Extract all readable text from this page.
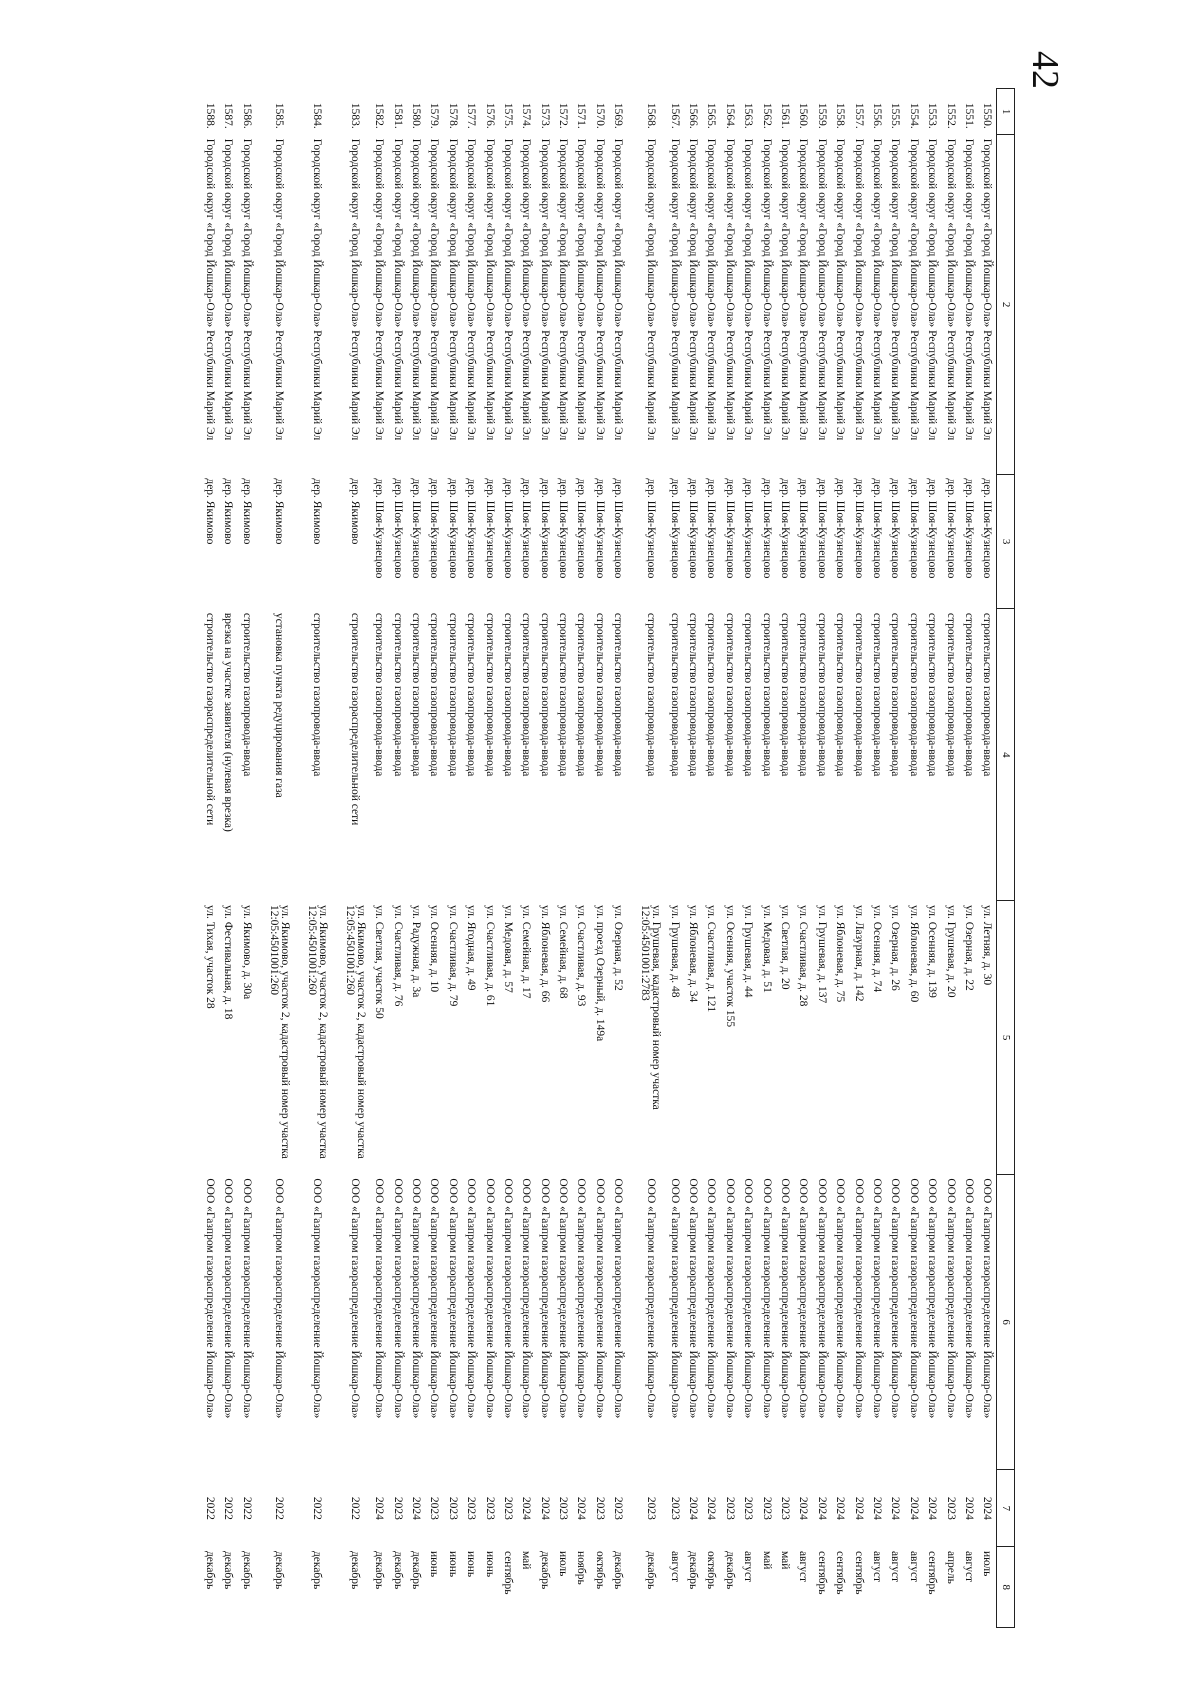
42
1	2	3	4	5	6	7	8
1550.	Городской округ «Город Йошкар-Ола» Республики Марий Эл	дер. Шоя-Кузнецово	строительство газопровода-ввода	ул. Летняя, д. 30	ООО «Газпром газораспределение Йошкар-Ола»	2024	июль
1551.	Городской округ «Город Йошкар-Ола» Республики Марий Эл	дер. Шоя-Кузнецово	строительство газопровода-ввода	ул. Озерная, д. 22	ООО «Газпром газораспределение Йошкар-Ола»	2024	август
1552.	Городской округ «Город Йошкар-Ола» Республики Марий Эл	дер. Шоя-Кузнецово	строительство газопровода-ввода	ул. Грушевая, д. 20	ООО «Газпром газораспределение Йошкар-Ола»	2023	апрель
1553.	Городской округ «Город Йошкар-Ола» Республики Марий Эл	дер. Шоя-Кузнецово	строительство газопровода-ввода	ул. Осенняя, д. 139	ООО «Газпром газораспределение Йошкар-Ола»	2024	сентябрь
1554.	Городской округ «Город Йошкар-Ола» Республики Марий Эл	дер. Шоя-Кузнецово	строительство газопровода-ввода	ул. Яблоневая, д. 60	ООО «Газпром газораспределение Йошкар-Ола»	2024	август
1555.	Городской округ «Город Йошкар-Ола» Республики Марий Эл	дер. Шоя-Кузнецово	строительство газопровода-ввода	ул. Озерная, д. 26	ООО «Газпром газораспределение Йошкар-Ола»	2024	август
1556.	Городской округ «Город Йошкар-Ола» Республики Марий Эл	дер. Шоя-Кузнецово	строительство газопровода-ввода	ул. Осенняя, д. 74	ООО «Газпром газораспределение Йошкар-Ола»	2024	август
1557.	Городской округ «Город Йошкар-Ола» Республики Марий Эл	дер. Шоя-Кузнецово	строительство газопровода-ввода	ул. Лазурная, д. 142	ООО «Газпром газораспределение Йошкар-Ола»	2024	сентябрь
1558.	Городской округ «Город Йошкар-Ола» Республики Марий Эл	дер. Шоя-Кузнецово	строительство газопровода-ввода	ул. Яблоневая, д. 75	ООО «Газпром газораспределение Йошкар-Ола»	2024	сентябрь
1559.	Городской округ «Город Йошкар-Ола» Республики Марий Эл	дер. Шоя-Кузнецово	строительство газопровода-ввода	ул. Грушевая, д. 137	ООО «Газпром газораспределение Йошкар-Ола»	2024	сентябрь
1560.	Городской округ «Город Йошкар-Ола» Республики Марий Эл	дер. Шоя-Кузнецово	строительство газопровода-ввода	ул. Счастливая, д. 28	ООО «Газпром газораспределение Йошкар-Ола»	2024	август
1561.	Городской округ «Город Йошкар-Ола» Республики Марий Эл	дер. Шоя-Кузнецово	строительство газопровода-ввода	ул. Светлая, д. 20	ООО «Газпром газораспределение Йошкар-Ола»	2023	май
1562.	Городской округ «Город Йошкар-Ола» Республики Марий Эл	дер. Шоя-Кузнецово	строительство газопровода-ввода	ул. Медовая, д. 51	ООО «Газпром газораспределение Йошкар-Ола»	2023	май
1563.	Городской округ «Город Йошкар-Ола» Республики Марий Эл	дер. Шоя-Кузнецово	строительство газопровода-ввода	ул. Грушевая, д. 44	ООО «Газпром газораспределение Йошкар-Ола»	2023	август
1564.	Городской округ «Город Йошкар-Ола» Республики Марий Эл	дер. Шоя-Кузнецово	строительство газопровода-ввода	ул. Осенняя, участок 155	ООО «Газпром газораспределение Йошкар-Ола»	2023	декабрь
1565.	Городской округ «Город Йошкар-Ола» Республики Марий Эл	дер. Шоя-Кузнецово	строительство газопровода-ввода	ул. Счастливая, д. 121	ООО «Газпром газораспределение Йошкар-Ола»	2024	октябрь
1566.	Городской округ «Город Йошкар-Ола» Республики Марий Эл	дер. Шоя-Кузнецово	строительство газопровода-ввода	ул. Яблоневая, д. 34	ООО «Газпром газораспределение Йошкар-Ола»	2024	декабрь
1567.	Городской округ «Город Йошкар-Ола» Республики Марий Эл	дер. Шоя-Кузнецово	строительство газопровода-ввода	ул. Грушевая, д. 48	ООО «Газпром газораспределение Йошкар-Ола»	2023	август
1568.	Городской округ «Город Йошкар-Ола» Республики Марий Эл	дер. Шоя-Кузнецово	строительство газопровода-ввода	ул. Грушевая, кадастровый номер участка 12:05:4501001:2783	ООО «Газпром газораспределение Йошкар-Ола»	2023	декабрь

1569.	Городской округ «Город Йошкар-Ола» Республики Марий Эл	дер. Шоя-Кузнецово	строительство газопровода-ввода	ул. Озерная, д. 52	ООО «Газпром газораспределение Йошкар-Ола»	2023	декабрь
1570.	Городской округ «Город Йошкар-Ола» Республики Марий Эл	дер. Шоя-Кузнецово	строительство газопровода-ввода	ул. проезд Озерный, д. 149а	ООО «Газпром газораспределение Йошкар-Ола»	2023	октябрь
1571.	Городской округ «Город Йошкар-Ола» Республики Марий Эл	дер. Шоя-Кузнецово	строительство газопровода-ввода	ул. Счастливая, д. 93	ООО «Газпром газораспределение Йошкар-Ола»	2024	ноябрь
1572.	Городской округ «Город Йошкар-Ола» Республики Марий Эл	дер. Шоя-Кузнецово	строительство газопровода-ввода	ул. Семейная, д. 68	ООО «Газпром газораспределение Йошкар-Ола»	2023	июль
1573.	Городской округ «Город Йошкар-Ола» Республики Марий Эл	дер. Шоя-Кузнецово	строительство газопровода-ввода	ул. Яблоневая, д. 66	ООО «Газпром газораспределение Йошкар-Ола»	2024	декабрь
1574.	Городской округ «Город Йошкар-Ола» Республики Марий Эл	дер. Шоя-Кузнецово	строительство газопровода-ввода	ул. Семейная, д. 17	ООО «Газпром газораспределение Йошкар-Ола»	2024	май
1575.	Городской округ «Город Йошкар-Ола» Республики Марий Эл	дер. Шоя-Кузнецово	строительство газопровода-ввода	ул. Медовая, д. 57	ООО «Газпром газораспределение Йошкар-Ола»	2023	сентябрь
1576.	Городской округ «Город Йошкар-Ола» Республики Марий Эл	дер. Шоя-Кузнецово	строительство газопровода-ввода	ул. Счастливая, д. 61	ООО «Газпром газораспределение Йошкар-Ола»	2023	июнь
1577.	Городской округ «Город Йошкар-Ола» Республики Марий Эл	дер. Шоя-Кузнецово	строительство газопровода-ввода	ул. Ягодная, д. 49	ООО «Газпром газораспределение Йошкар-Ола»	2023	июнь
1578.	Городской округ «Город Йошкар-Ола» Республики Марий Эл	дер. Шоя-Кузнецово	строительство газопровода-ввода	ул. Счастливая, д. 79	ООО «Газпром газораспределение Йошкар-Ола»	2023	июнь
1579.	Городской округ «Город Йошкар-Ола» Республики Марий Эл	дер. Шоя-Кузнецово	строительство газопровода-ввода	ул. Осенняя, д. 10	ООО «Газпром газораспределение Йошкар-Ола»	2023	июнь
1580.	Городской округ «Город Йошкар-Ола» Республики Марий Эл	дер. Шоя-Кузнецово	строительство газопровода-ввода	ул. Радужная, д. 3а	ООО «Газпром газораспределение Йошкар-Ола»	2024	декабрь
1581.	Городской округ «Город Йошкар-Ола» Республики Марий Эл	дер. Шоя-Кузнецово	строительство газопровода-ввода	ул. Счастливая, д. 76	ООО «Газпром газораспределение Йошкар-Ола»	2023	декабрь
1582.	Городской округ «Город Йошкар-Ола» Республики Марий Эл	дер. Шоя-Кузнецово	строительство газопровода-ввода	ул. Светлая, участок 50	ООО «Газпром газораспределение Йошкар-Ола»	2024	декабрь
1583.	Городской округ «Город Йошкар-Ола» Республики Марий Эл	дер. Якимово	строительство газораспределительной сети	ул. Якимово, участок 2, кадастровый номер участка 12:05:4501001:260	ООО «Газпром газораспределение Йошкар-Ола»	2022	декабрь

1584.	Городской округ «Город Йошкар-Ола» Республики Марий Эл	дер. Якимово	строительство газопровода-ввода	ул. Якимово, участок 2, кадастровый номер участка 12:05:4501001:260	ООО «Газпром газораспределение Йошкар-Ола»	2022	декабрь

1585.	Городской округ «Город Йошкар-Ола» Республики Марий Эл	дер. Якимово	установка пункта редуцирования газа	ул. Якимово, участок 2, кадастровый номер участка 12:05:4501001:260	ООО «Газпром газораспределение Йошкар-Ола»	2022	декабрь

1586.	Городской округ «Город Йошкар-Ола» Республики Марий Эл	дер. Якимово	строительство газопровода-ввода	ул. Якимово, д. 30а	ООО «Газпром газораспределение Йошкар-Ола»	2022	декабрь
1587.	Городской округ «Город Йошкар-Ола» Республики Марий Эл	дер. Якимово	врезка на участке заявителя (нулевая врезка)	ул. Фестивальная, д. 18	ООО «Газпром газораспределение Йошкар-Ола»	2022	декабрь
1588.	Городской округ «Город Йошкар-Ола» Республики Марий Эл	дер. Якимово	строительство газораспределительной сети	ул. Тихая, участок 28	ООО «Газпром газораспределение Йошкар-Ола»	2022	декабрь
